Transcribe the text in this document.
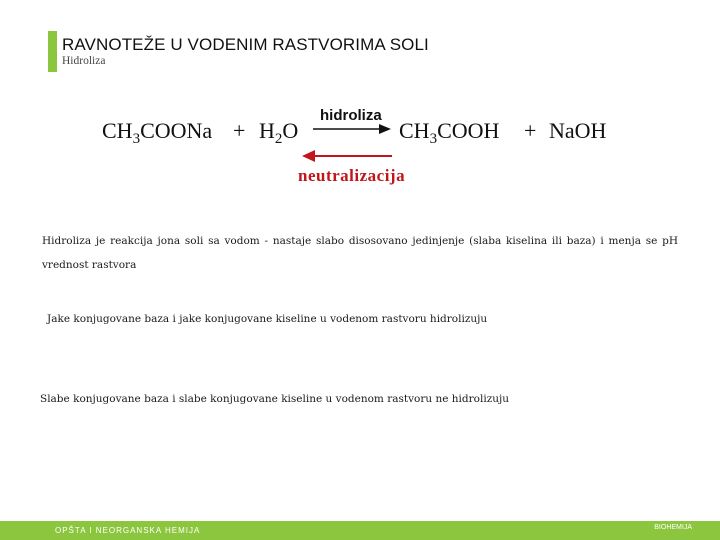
RAVNOTEŽE U VODENIM RASTVORIMA SOLI
Hidroliza
$CH_3COONa + H_2O$
hidroliza
neutralizacija
$CH_3COOH$ + NaOH
Hidroliza je reakcija jona soli sa vodom - nastaje slabo disosovano jedinjenje (slaba kiselina ili baza) i menja se pH vrednost rastvora
Jake konjugovane baza i jake konjugovane kiseline u vodenom rastvoru hidrolizuju
Slabe konjugovane baza i slabe konjugovane kiseline u vodenom rastvoru ne hidrolizuju
OPŠTA I NEORGANSKA HEMIJA	BIOHEMIJA
